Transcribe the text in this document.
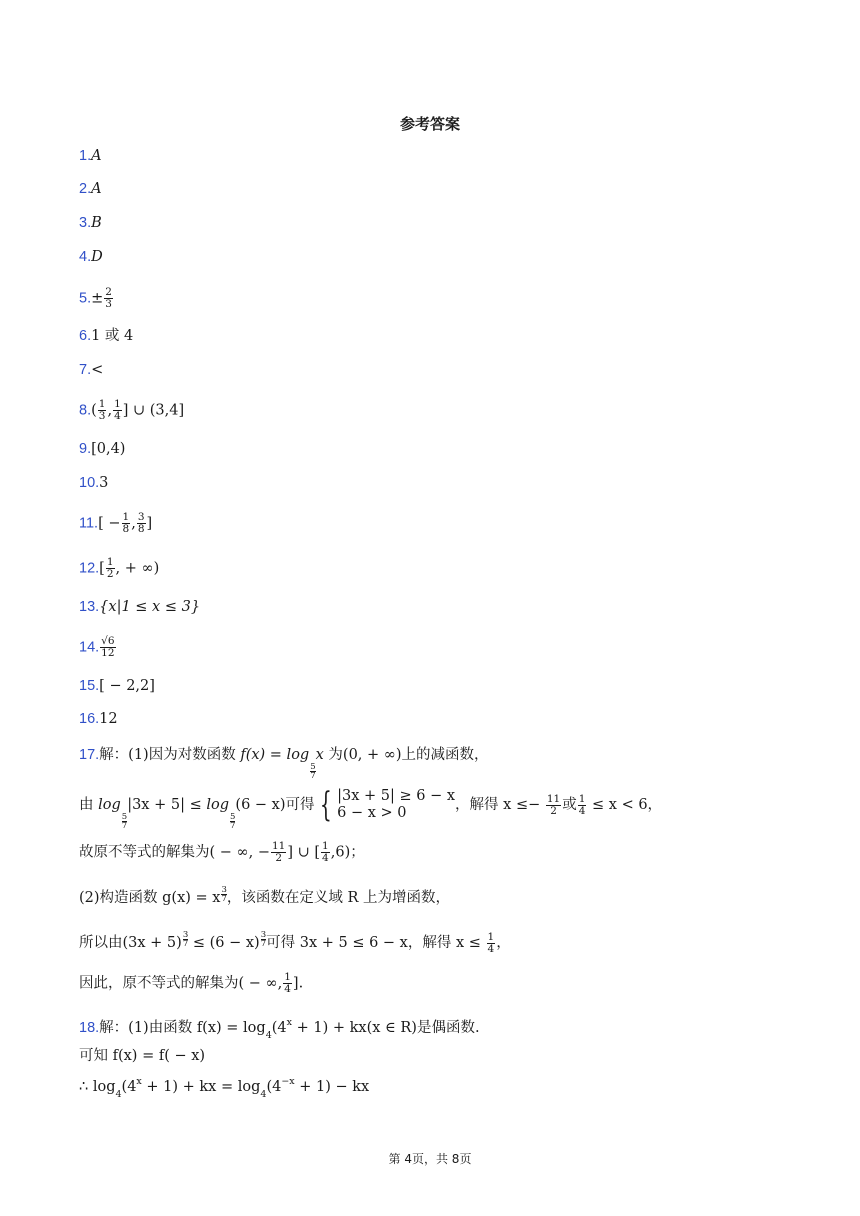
参考答案
1.A
2.A
3.B
4.D
$5.\pm \frac{2}{3}$
6.1 或 4
7.<
$8.( \frac{1}{3}$ , $\frac{1}{4}$ ] ∪ (3,4]
9.[0,4)
10.3
$11.[ - \frac{1}{8}$ , $\frac{3}{8}$ ]
$12.[ \frac{1}{2}$ , + ∞)
13.{x|1 ≤ x ≤ 3}
14. $\frac{√6}{12}$
15.[ − 2,2]
16.12
17.解：(1)因为对数函数 f(x) = log
$\frac{5}{7}$
x 为(0, + ∞)上的减函数，
由 log
$\frac{5}{7}$
|3x + 5| ≤ log
$\frac{5}{7}$
(6 − x)可得 { |3x + 5| ≥ 6 − x
6 − x > 0	，解得 $x \le- \frac{11}{2}$ 或 $\frac{1}{4} \le x < 6$，
故原不等式的解集为( − ∞, − $\frac{11}{2}$ ] ∪ [ $\frac{1}{4} ,6$)；
(2)构造函数 g(x) = x $\frac{3}{7}$ ，该函数在定义域 R 上为增函数，
所以由$(3x + 5) \frac{3}{7} \le (6 - x) \frac{3}{7}$ 可得 3x + 5 ≤ 6 − x，解得 $x \le \frac{1}{4}$ ，
因此，原不等式的解集为( − ∞, $\frac{1}{4}$ ].
18.解：(1)由函数 $f(x) = \log_4(4^x + 1) + kx(x$ ∈ R)是偶函数.
可知 f(x) = f( − x)
∴ $\log_4(4^x + 1)$ + kx = $\log_4(4^{-x} + 1)$ − kx
第 4页，共 8页
